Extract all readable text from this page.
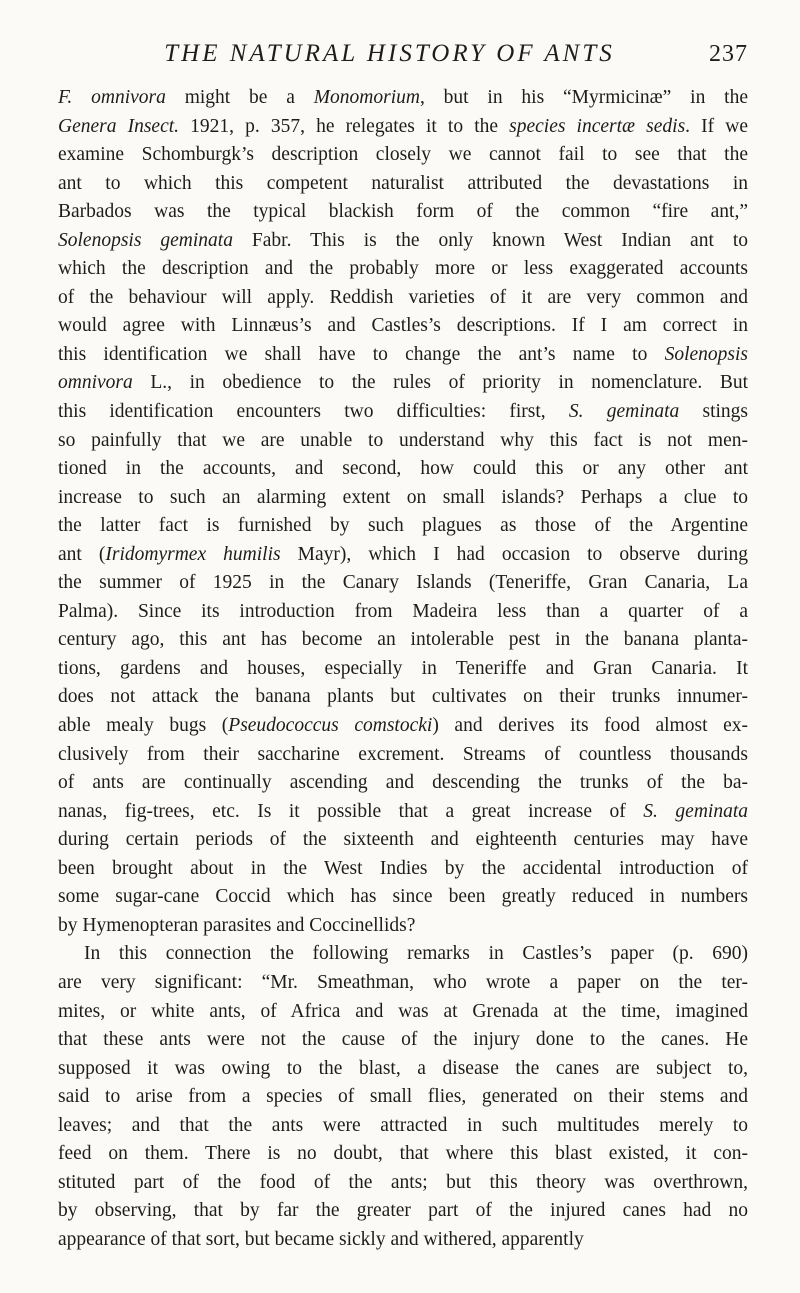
THE NATURAL HISTORY OF ANTS	237
F. omnivora might be a Monomorium, but in his “Myrmicinæ” in the
Genera Insect. 1921, p. 357, he relegates it to the species incertæ sedis. If we
examine Schomburgk’s description closely we cannot fail to see that the
ant to which this competent naturalist attributed the devastations in
Barbados was the typical blackish form of the common “fire ant,”
Solenopsis geminata Fabr. This is the only known West Indian ant to
which the description and the probably more or less exaggerated accounts
of the behaviour will apply. Reddish varieties of it are very common and
would agree with Linnæus’s and Castles’s descriptions. If I am correct in
this identification we shall have to change the ant’s name to Solenopsis
omnivora L., in obedience to the rules of priority in nomenclature. But
this identification encounters two difficulties: first, S. geminata stings
so painfully that we are unable to understand why this fact is not men-
tioned in the accounts, and second, how could this or any other ant
increase to such an alarming extent on small islands? Perhaps a clue to
the latter fact is furnished by such plagues as those of the Argentine
ant (Iridomyrmex humilis Mayr), which I had occasion to observe during
the summer of 1925 in the Canary Islands (Teneriffe, Gran Canaria, La
Palma). Since its introduction from Madeira less than a quarter of a
century ago, this ant has become an intolerable pest in the banana planta-
tions, gardens and houses, especially in Teneriffe and Gran Canaria. It
does not attack the banana plants but cultivates on their trunks innumer-
able mealy bugs (Pseudococcus comstocki) and derives its food almost ex-
clusively from their saccharine excrement. Streams of countless thousands
of ants are continually ascending and descending the trunks of the ba-
nanas, fig-trees, etc. Is it possible that a great increase of S. geminata
during certain periods of the sixteenth and eighteenth centuries may have
been brought about in the West Indies by the accidental introduction of
some sugar-cane Coccid which has since been greatly reduced in numbers
by Hymenopteran parasites and Coccinellids?
In this connection the following remarks in Castles’s paper (p. 690)
are very significant: “Mr. Smeathman, who wrote a paper on the ter-
mites, or white ants, of Africa and was at Grenada at the time, imagined
that these ants were not the cause of the injury done to the canes. He
supposed it was owing to the blast, a disease the canes are subject to,
said to arise from a species of small flies, generated on their stems and
leaves; and that the ants were attracted in such multitudes merely to
feed on them. There is no doubt, that where this blast existed, it con-
stituted part of the food of the ants; but this theory was overthrown,
by observing, that by far the greater part of the injured canes had no
appearance of that sort, but became sickly and withered, apparently
